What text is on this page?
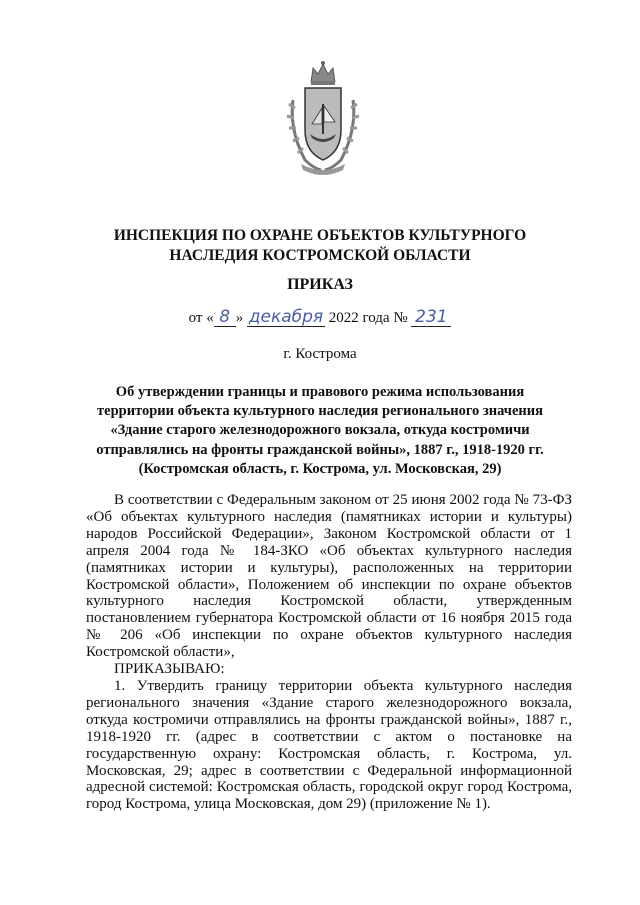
ИНСПЕКЦИЯ ПО ОХРАНЕ ОБЪЕКТОВ КУЛЬТУРНОГО
НАСЛЕДИЯ КОСТРОМСКОЙ ОБЛАСТИ
ПРИКАЗ
от « 8 » декабря 2022 года № 231
г. Кострома
Об утверждении границы и правового режима использования
территории объекта культурного наследия регионального значения
«Здание старого железнодорожного вокзала, откуда костромичи
отправлялись на фронты гражданской войны», 1887 г., 1918-1920 гг.
(Костромская область, г. Кострома, ул. Московская, 29)

В соответствии с Федеральным законом от 25 июня 2002 года № 73-ФЗ «Об объектах культурного наследия (памятниках истории и культуры) народов Российской Федерации», Законом Костромской области от 1 апреля 2004 года № 184-ЗКО «Об объектах культурного наследия (памятниках истории и культуры), расположенных на территории Костромской области», Положением об инспекции по охране объектов культурного наследия Костромской области, утвержденным постановлением губернатора Костромской области от 16 ноября 2015 года № 206 «Об инспекции по охране объектов культурного наследия Костромской области»,

ПРИКАЗЫВАЮ:

1. Утвердить границу территории объекта культурного наследия регионального значения «Здание старого железнодорожного вокзала, откуда костромичи отправлялись на фронты гражданской войны», 1887 г., 1918-1920 гг. (адрес в соответствии с актом о постановке на государственную охрану: Костромская область, г. Кострома, ул. Московская, 29; адрес в соответствии с Федеральной информационной адресной системой: Костромская область, городской округ город Кострома, город Кострома, улица Московская, дом 29) (приложение № 1).
